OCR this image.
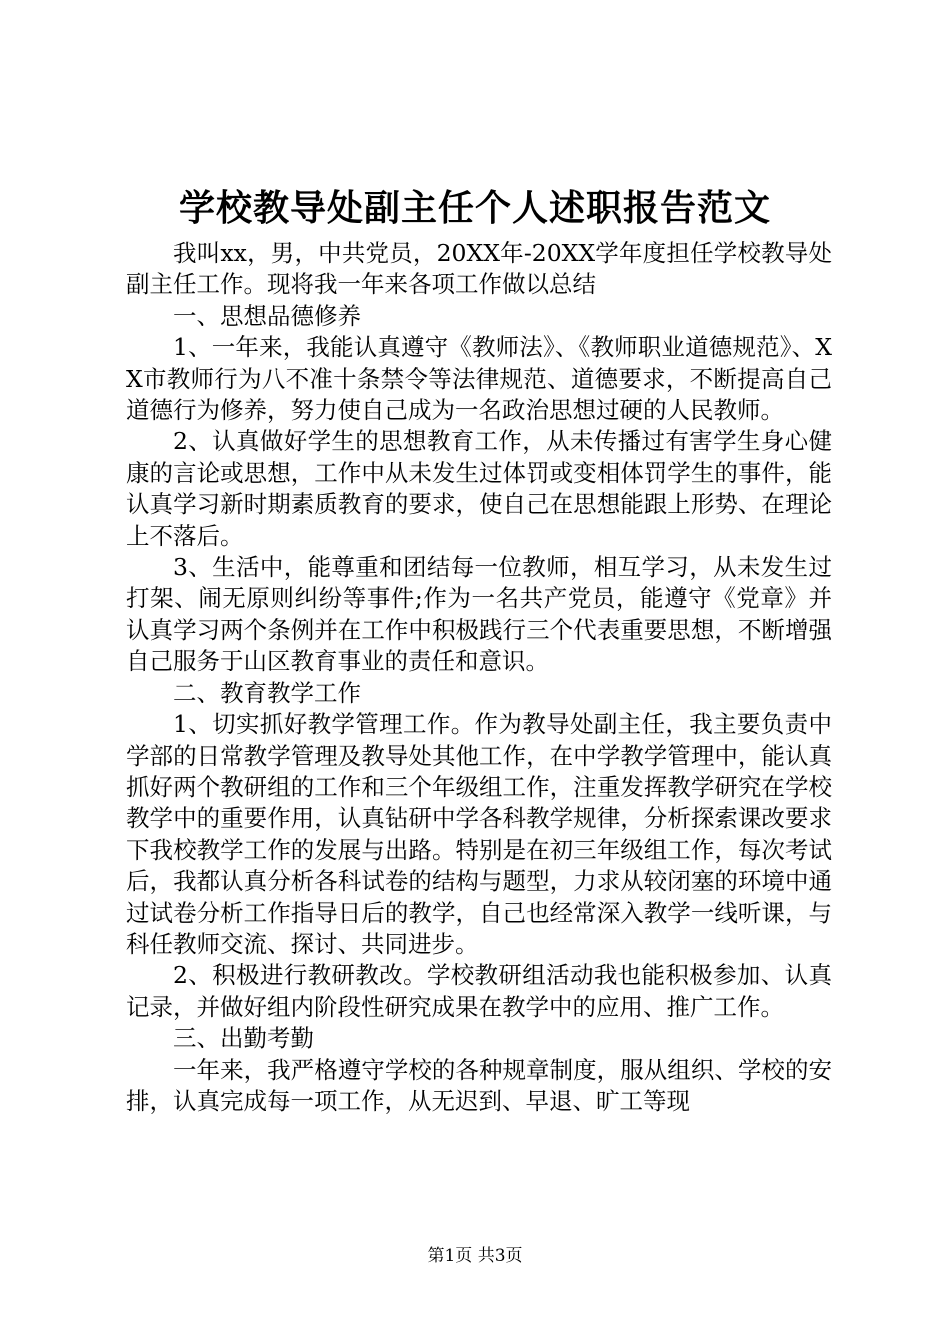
学校教导处副主任个人述职报告范文

我叫xx，男，中共党员，20XX年-20XX学年度担任学校教导处副主任工作。现将我一年来各项工作做以总结

一、思想品德修养

1、一年来，我能认真遵守《教师法》、《教师职业道德规范》、XX市教师行为八不准十条禁令等法律规范、道德要求，不断提高自己道德行为修养，努力使自己成为一名政治思想过硬的人民教师。

2、认真做好学生的思想教育工作，从未传播过有害学生身心健康的言论或思想，工作中从未发生过体罚或变相体罚学生的事件，能认真学习新时期素质教育的要求，使自己在思想能跟上形势、在理论上不落后。

3、生活中，能尊重和团结每一位教师，相互学习，从未发生过打架、闹无原则纠纷等事件;作为一名共产党员，能遵守《党章》并认真学习两个条例并在工作中积极践行三个代表重要思想，不断增强自己服务于山区教育事业的责任和意识。

二、教育教学工作

1、切实抓好教学管理工作。作为教导处副主任，我主要负责中学部的日常教学管理及教导处其他工作，在中学教学管理中，能认真抓好两个教研组的工作和三个年级组工作，注重发挥教学研究在学校教学中的重要作用，认真钻研中学各科教学规律，分析探索课改要求下我校教学工作的发展与出路。特别是在初三年级组工作，每次考试后，我都认真分析各科试卷的结构与题型，力求从较闭塞的环境中通过试卷分析工作指导日后的教学，自己也经常深入教学一线听课，与科任教师交流、探讨、共同进步。

2、积极进行教研教改。学校教研组活动我也能积极参加、认真记录，并做好组内阶段性研究成果在教学中的应用、推广工作。

三、出勤考勤

一年来，我严格遵守学校的各种规章制度，服从组织、学校的安排，认真完成每一项工作，从无迟到、早退、旷工等现

第1页 共3页
